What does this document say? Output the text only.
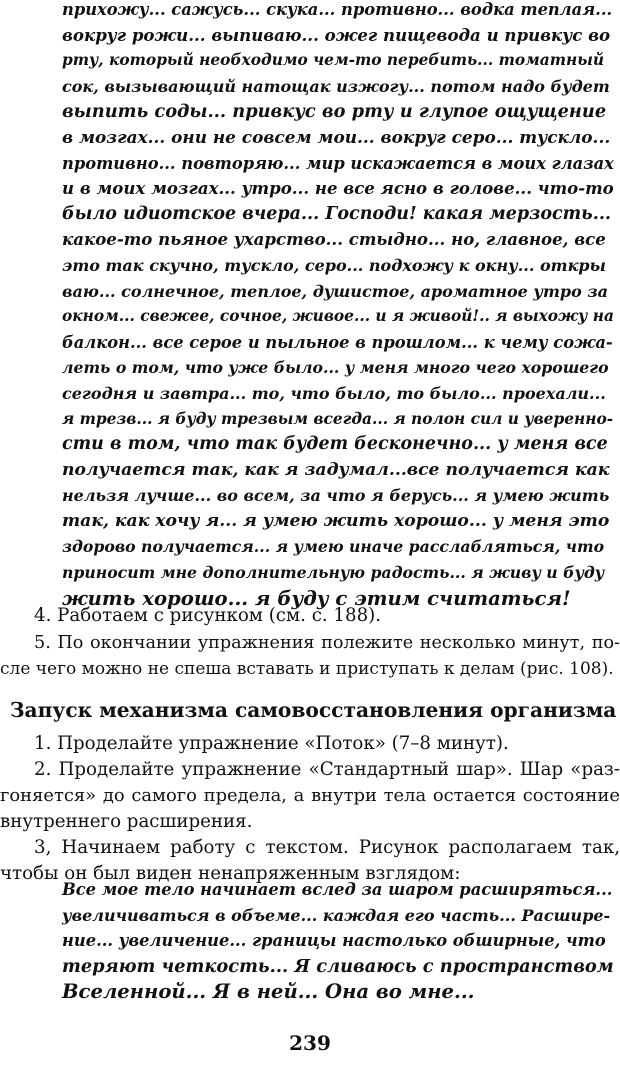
прихожу... сажусь... скука... противно... водка теплая...
вокруг рожи... выпиваю... ожег пищевода и привкус во
рту, который необходимо чем-то перебить... томатный
сок, вызывающий натощак изжогу... потом надо будет
выпить соды... привкус во рту и глупое ощущение
в мозгах... они не совсем мои... вокруг серо... тускло...
противно... повторяю... мир искажается в моих глазах
и в моих мозгах... утро... не все ясно в голове... что-то
было идиотское вчера... Господи! какая мерзость...
какое-то пьяное ухарство... стыдно... но, главное, все
это так скучно, тускло, серо... подхожу к окну... откры
ваю... солнечное, теплое, душистое, ароматное утро за
окном... свежее, сочное, живое... и я живой!.. я выхожу на
балкон... все серое и пыльное в прошлом... к чему сожа-
леть о том, что уже было... у меня много чего хорошего
сегодня и завтра... то, что было, то было... проехали...
я трезв... я буду трезвым всегда... я полон сил и уверенно-
сти в том, что так будет бесконечно... у меня все
получается так, как я задумал...все получается как
нельзя лучше... во всем, за что я берусь... я умею жить
так, как хочу я... я умею жить хорошо... у меня это
здорово получается... я умею иначе расслабляться, что
приносит мне дополнительную радость... я живу и буду
жить хорошо... я буду с этим считаться!
4. Работаем с рисунком (см. с. 188).
5. По окончании упражнения полежите несколько минут, по-
сле чего можно не спеша вставать и приступать к делам (рис. 108).
Запуск механизма самовосстановления организма
1. Проделайте упражнение «Поток» (7–8 минут).
2. Проделайте упражнение «Стандартный шар». Шар «раз-
гоняется» до самого предела, а внутри тела остается состояние
внутреннего расширения.
3, Начинаем работу с текстом. Рисунок располагаем так,
чтобы он был виден ненапряженным взглядом:
Все мое тело начинает вслед за шаром расширяться...
увеличиваться в объеме... каждая его часть... Расшире-
ние... увеличение... границы настолько обширные, что
теряют четкость... Я сливаюсь с пространством
Вселенной... Я в ней... Она во мне...
239
